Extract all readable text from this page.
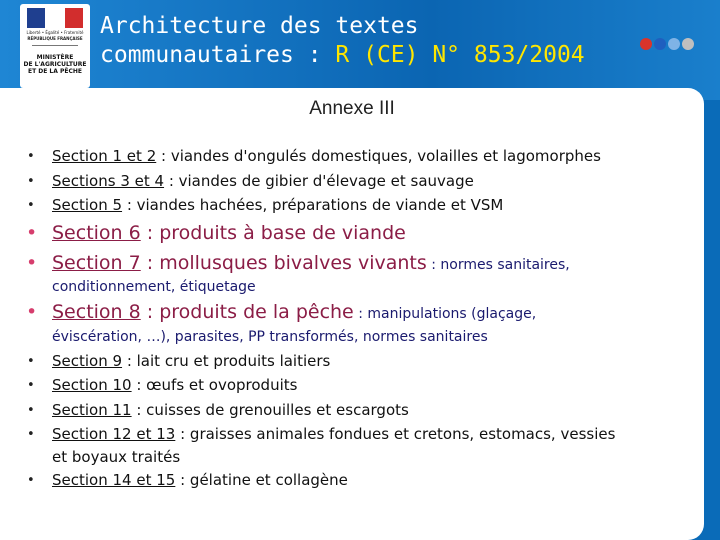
Liberté • Égalité • Fraternité
RÉPUBLIQUE FRANÇAISE
MINISTÈRE
DE L'AGRICULTURE
ET DE LA PÊCHE
Architecture des textes
communautaires : R (CE) N° 853/2004
Annexe III
• Section 1 et 2 : viandes d'ongulés domestiques, volailles et lagomorphes
• Sections 3 et 4 : viandes de gibier d'élevage et sauvage
• Section 5 : viandes hachées, préparations de viande et VSM
• Section 6 : produits à base de viande
• Section 7 : mollusques bivalves vivants : normes sanitaires,
conditionnement, étiquetage
• Section 8 : produits de la pêche : manipulations (glaçage,
éviscération, …), parasites, PP transformés, normes sanitaires
• Section 9 : lait cru et produits laitiers
• Section 10 : œufs et ovoproduits
• Section 11 : cuisses de grenouilles et escargots
• Section 12 et 13 : graisses animales fondues et cretons, estomacs, vessies
et boyaux traités
• Section 14 et 15 : gélatine et collagène
